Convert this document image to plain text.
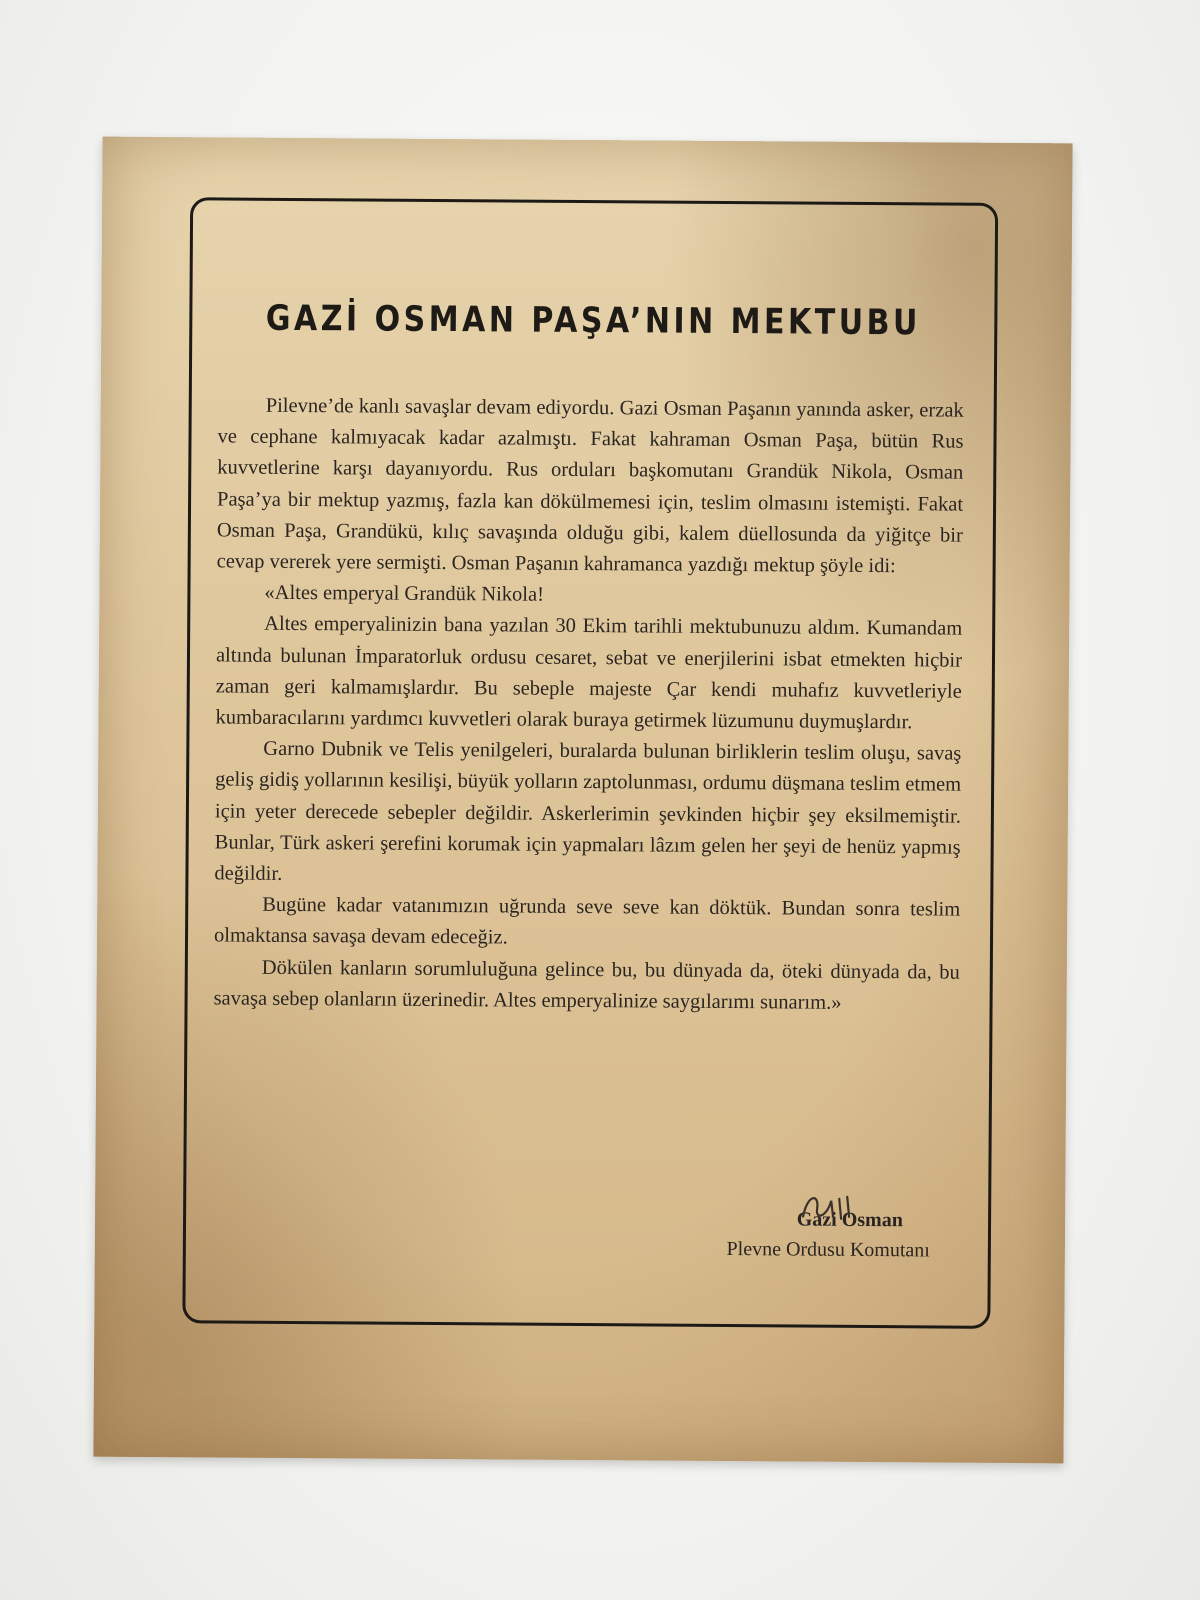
GAZİ OSMAN PAŞA’NIN MEKTUBU

Pilevne’de kanlı savaşlar devam ediyordu. Gazi Osman Paşanın yanında asker, erzak ve cephane kalmıyacak kadar azalmıştı. Fakat kahraman Osman Paşa, bütün Rus kuvvetlerine karşı dayanıyordu. Rus orduları başkomutanı Grandük Nikola, Osman Paşa’ya bir mektup yazmış, fazla kan dökülmemesi için, teslim olmasını istemişti. Fakat Osman Paşa, Grandükü, kılıç savaşında olduğu gibi, kalem düellosunda da yiğitçe bir cevap vererek yere sermişti. Osman Paşanın kahramanca yazdığı mektup şöyle idi:

«Altes emperyal Grandük Nikola!

Altes emperyalinizin bana yazılan 30 Ekim tarihli mektubunuzu aldım. Kumandam altında bulunan İmparatorluk ordusu cesaret, sebat ve enerjilerini isbat etmekten hiçbir zaman geri kalmamışlardır. Bu sebeple majeste Çar kendi muhafız kuvvetleriyle kumbaracılarını yardımcı kuvvetleri olarak buraya getirmek lüzumunu duymuşlardır.

Garno Dubnik ve Telis yenilgeleri, buralarda bulunan birliklerin teslim oluşu, savaş geliş gidiş yollarının kesilişi, büyük yolların zaptolunması, ordumu düşmana teslim etmem için yeter derecede sebepler değildir. Askerlerimin şevkinden hiçbir şey eksilmemiştir. Bunlar, Türk askeri şerefini korumak için yapmaları lâzım gelen her şeyi de henüz yapmış değildir.

Bugüne kadar vatanımızın uğrunda seve seve kan döktük. Bundan sonra teslim olmaktansa savaşa devam edeceğiz.

Dökülen kanların sorumluluğuna gelince bu, bu dünyada da, öteki dünyada da, bu savaşa sebep olanların üzerinedir. Altes emperyalinize saygılarımı sunarım.»

Gazi Osman
Plevne Ordusu Komutanı
